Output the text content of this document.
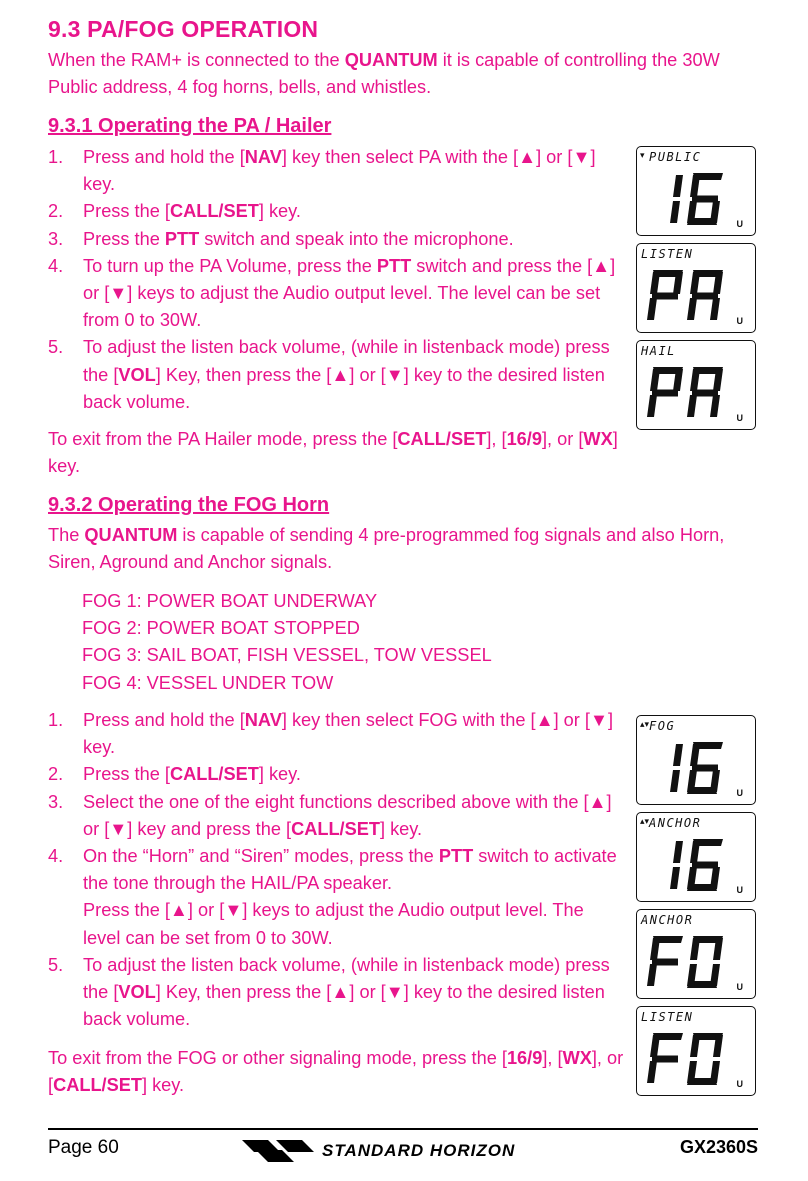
9.3 PA/FOG OPERATION
When the RAM+ is connected to the QUANTUM it is capable of controlling the 30W Public address, 4 fog horns, bells, and whistles.
9.3.1 Operating the PA / Hailer
1. Press and hold the [NAV] key then select PA with the [▲] or [▼] key.
2. Press the [CALL/SET] key.
3. Press the PTT switch and speak into the microphone.
4. To turn up the PA Volume, press the PTT switch and press the [▲] or [▼] keys to adjust the Audio output level. The level can be set from 0 to 30W.
5. To adjust the listen back volume, (while in listenback mode) press the [VOL] Key, then press the [▲] or [▼] key to the desired listen back volume.
To exit from the PA Hailer mode, press the [CALL/SET], [16/9], or [WX] key.
9.3.2 Operating the FOG Horn
The QUANTUM is capable of sending 4 pre-programmed fog signals and also Horn, Siren, Aground and Anchor signals.
FOG 1: POWER BOAT UNDERWAY
FOG 2: POWER BOAT STOPPED
FOG 3: SAIL BOAT, FISH VESSEL, TOW VESSEL
FOG 4: VESSEL UNDER TOW
1. Press and hold the [NAV] key then select FOG with the [▲] or [▼] key.
2. Press the [CALL/SET] key.
3. Select the one of the eight functions described above with the [▲] or [▼] key and press the [CALL/SET] key.
4. On the “Horn” and “Siren” modes, press the PTT switch to activate the tone through the HAIL/PA speaker.
Press the [▲] or [▼] keys to adjust the Audio output level. The level can be set from 0 to 30W.
5. To adjust the listen back volume, (while in listenback mode) press the [VOL] Key, then press the [▲] or [▼] key to the desired listen back volume.
To exit from the FOG or other signaling mode, press the [16/9], [WX], or [CALL/SET] key.
▾ PUBLIC
U
LISTEN
U
HAIL
U
▴▾ FOG
U
▴▾ ANCHOR
U
ANCHOR
U
LISTEN
U
Page 60	STANDARD HORIZON	GX2360S
